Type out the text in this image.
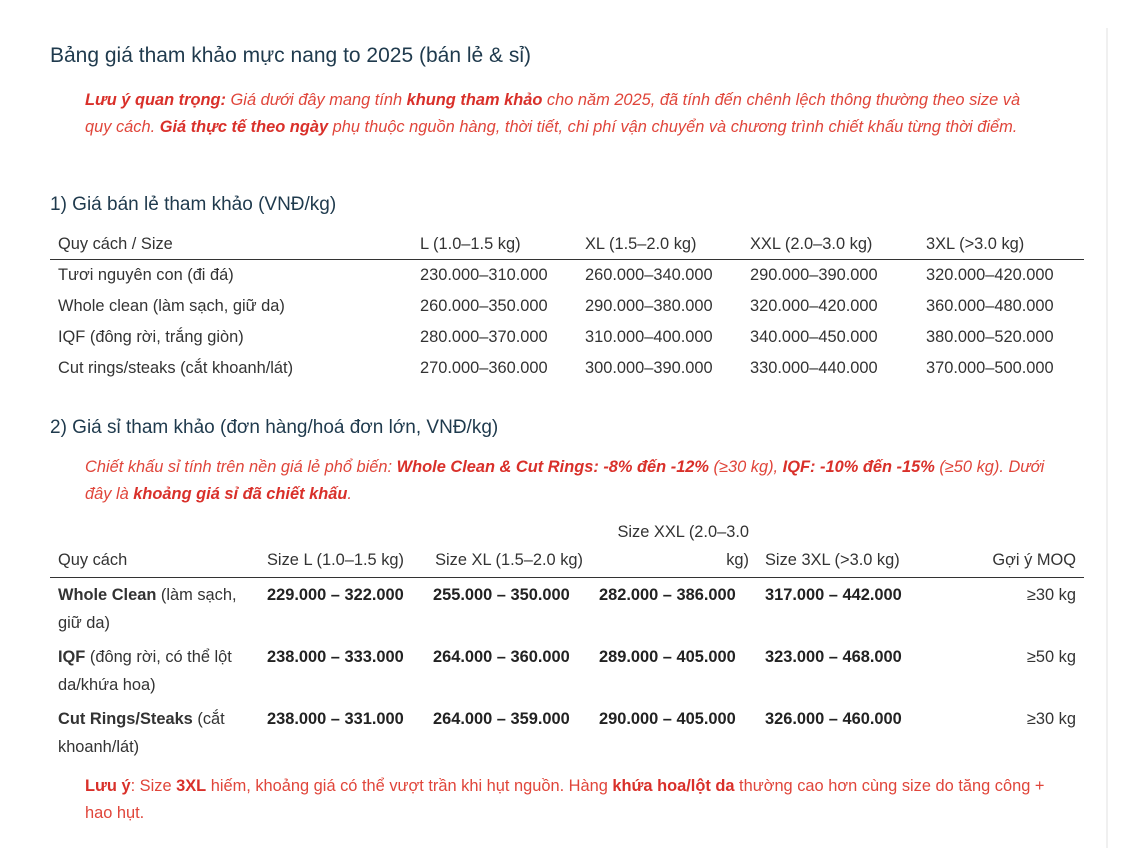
Bảng giá tham khảo mực nang to 2025 (bán lẻ & sỉ)
Lưu ý quan trọng: Giá dưới đây mang tính khung tham khảo cho năm 2025, đã tính đến chênh lệch thông thường theo size và quy cách. Giá thực tế theo ngày phụ thuộc nguồn hàng, thời tiết, chi phí vận chuyển và chương trình chiết khấu từng thời điểm.
1) Giá bán lẻ tham khảo (VNĐ/kg)
Quy cách / Size	L (1.0–1.5 kg)	XL (1.5–2.0 kg)	XXL (2.0–3.0 kg)	3XL (>3.0 kg)
Tươi nguyên con (đi đá)	230.000–310.000	260.000–340.000	290.000–390.000	320.000–420.000
Whole clean (làm sạch, giữ da)	260.000–350.000	290.000–380.000	320.000–420.000	360.000–480.000
IQF (đông rời, trắng giòn)	280.000–370.000	310.000–400.000	340.000–450.000	380.000–520.000
Cut rings/steaks (cắt khoanh/lát)	270.000–360.000	300.000–390.000	330.000–440.000	370.000–500.000
2) Giá sỉ tham khảo (đơn hàng/hoá đơn lớn, VNĐ/kg)
Chiết khấu sỉ tính trên nền giá lẻ phổ biến: Whole Clean & Cut Rings: -8% đến -12% (≥30 kg), IQF: -10% đến -15% (≥50 kg). Dưới đây là khoảng giá sỉ đã chiết khấu.
Quy cách	Size L (1.0–1.5 kg)	Size XL (1.5–2.0 kg)	Size XXL (2.0–3.0 kg)	Size 3XL (>3.0 kg)	Gợi ý MOQ
Whole Clean (làm sạch, giữ da)	229.000 – 322.000	255.000 – 350.000	282.000 – 386.000	317.000 – 442.000	≥30 kg
IQF (đông rời, có thể lột da/khứa hoa)	238.000 – 333.000	264.000 – 360.000	289.000 – 405.000	323.000 – 468.000	≥50 kg
Cut Rings/Steaks (cắt khoanh/lát)	238.000 – 331.000	264.000 – 359.000	290.000 – 405.000	326.000 – 460.000	≥30 kg
Lưu ý: Size 3XL hiếm, khoảng giá có thể vượt trần khi hụt nguồn. Hàng khứa hoa/lột da thường cao hơn cùng size do tăng công + hao hụt.
